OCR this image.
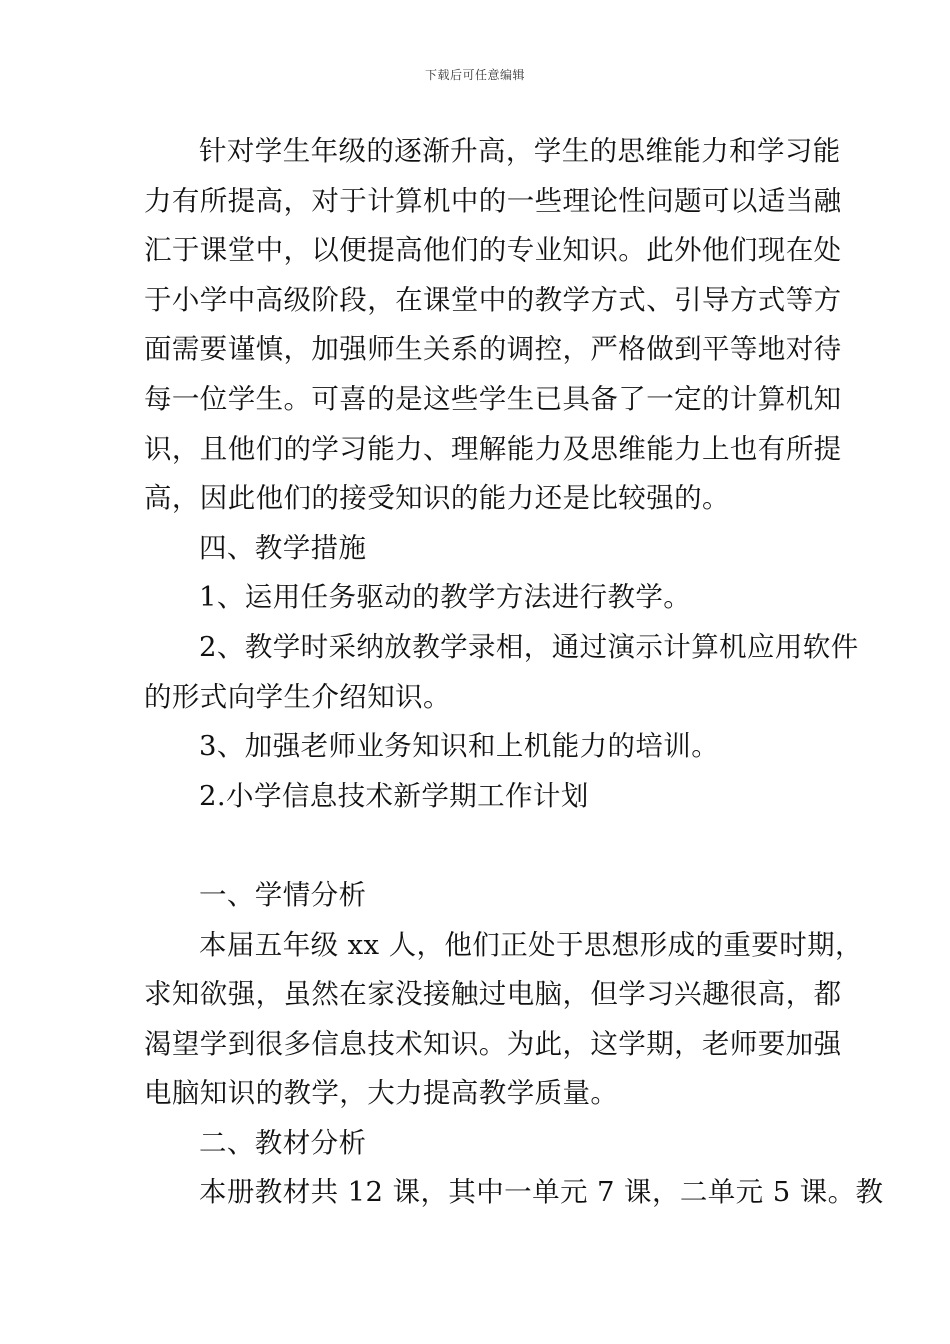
下载后可任意编辑
针对学生年级的逐渐升高，学生的思维能力和学习能
力有所提高，对于计算机中的一些理论性问题可以适当融
汇于课堂中，以便提高他们的专业知识。此外他们现在处
于小学中高级阶段，在课堂中的教学方式、引导方式等方
面需要谨慎，加强师生关系的调控，严格做到平等地对待
每一位学生。可喜的是这些学生已具备了一定的计算机知
识，且他们的学习能力、理解能力及思维能力上也有所提
高，因此他们的接受知识的能力还是比较强的。
四、教学措施
1、运用任务驱动的教学方法进行教学。
2、教学时采纳放教学录相，通过演示计算机应用软件
的形式向学生介绍知识。
3、加强老师业务知识和上机能力的培训。
2.小学信息技术新学期工作计划
一、学情分析
本届五年级 xx 人，他们正处于思想形成的重要时期，
求知欲强，虽然在家没接触过电脑，但学习兴趣很高，都
渴望学到很多信息技术知识。为此，这学期，老师要加强
电脑知识的教学，大力提高教学质量。
二、教材分析
本册教材共 12 课，其中一单元 7 课，二单元 5 课。教
